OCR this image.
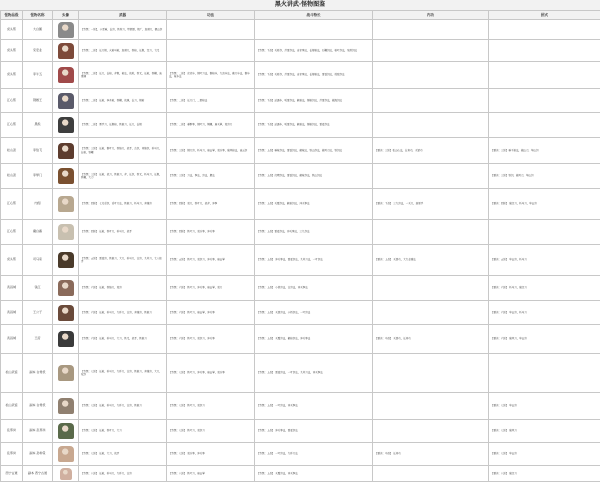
黑火讲武·怪物图鉴
怪物品级	怪物名称	头像	武器	功法	战斗特长	内功	招式
虎头帮	大白鹅		【等级：一阶】，小恶霸，长剑，铁钩刀，带鼠镖，楼厂，加满刀，镇山剑				
虎头帮	宋宏业		【等级：二阶】 长刀棍，火枪马枪，加满刀，铁枪，长棍，宝刀，飞叉		【等级：下品】天骄剑，打雷剑法，自家拳法，长棍枪法，石鞭剑法，枪叶剑法，地煞剑法		
虎头帮	李牛五		【等级：二阶】 长刀，长枪，斧棍，枪法，战标，铁叉，长枪，铁鞭，流星锤	【等级：二阶】 虎虎步，钢叶刀法，钢枪步，九宫步法，截刀步法，钢步法，枪步法	【等级：下品】天骄剑，打雷剑法，自家拳法，长棍枪法，雷霆剑法，抓取剑法		
江心帮	钢骸王		【等级：二阶】 长枪，李木枪，铁鞭，战旗，长刀，棍枪	【等级：二阶】 长刀门，二郎枪法	【等级：下品】运通步，吼雷剑法，截枪法，钢枪剑法，打雷剑法，破海剑法		
江心帮	黑熊		【等级：二阶】 黑手刀，长棍枪，铁链刀，长刀，长棍	【等级：二阶】 春野拳，钢叶刀，铜锤，崩天掌，双剑刀	【等级：下品】运通步，吼雷剑法，截枪法，钢枪剑法，雷霆剑法		
松山派	李伯飞		【等级：三阶】 长枪，钢叶刀，铁链刀，战矛，古剑，青锋剑，斩马刀，长枪，铁鞭	【等级：三阶】 钢刀剑，斩马刀，崩山掌，双头拳，破风枪法，流云剑	【等级：上品】霸枪剑法，雷霆剑法，截枪法，铁山剑法，破风刀法，铁剑法	【要诀：三阶】松山心法，长青功，天罡功	【要诀：三阶】霸王枪法，破山刀，华山剑
松山派	李掌门		【等级：三阶】 长枪，战刀，铁链刀，斧，长剑，铁叉，斩马刀，长棍，铁鞭，大刀	【等级：三阶】 刀法，拳法，剑法，腿法	【等级：上品】虎啸剑法，雷霆剑法，截枪剑法，铁山剑法		【要诀：三阶】铁剑，破风刀，华山剑
江心帮	内阁		【等级：四阶】 七尺重剑，重叶刀法，铁链刀，斩马刀，青锋剑	【等级：四阶】 双刀，铁叶刀，战斧，冲拳	【等级：上品】天鹰剑法，截枪剑法，冲天拳法	【要诀：下品】 三九剑法，一天刀，摘星手	【要诀：四阶】 破空刀，斩马刀，华山剑
江心帮	魔白鹿		【等级：四阶】 长枪，铁叶刀，斩马刀，战矛	【等级：四阶】 铁叶刀，双头拳，冲天拳	【等级：上品】雷霆剑法，冲天拳法，三九剑法		
虎头帮	司马家		【等级：五阶】 雷霆剑，铁链刀，大刀，斩马刀，古剑，九环刀，丈八蛇矛	【等级：五阶】 铁叶刀，双剑刀，冲天拳，崩山掌	【等级：上品】 冲天拳法，雷霆剑法，九环刀法，一叶剑法	【要诀：上品】 天罡功，大力金刚法	【要诀：五阶】 华山剑，斩马刀
武昌城	钱江		【等级：六阶】 长枪，铁链刀，双剑	【等级：六阶】 铁叶刀，冲天拳，崩山掌，双刀	【等级：上品】 小桥剑法，古剑法，冲天拳法		【要诀：六阶】 斩马刀，破空刀
武昌城	王公子		【等级：六阶】 长枪，斩马刀，九环刀，古剑，青锋剑，铁链刀	【等级：六阶】 铁叶刀，崩山掌，冲天拳	【等级：上品】 天罡剑法，小桥剑法，一叶剑法		【要诀：六阶】 华山剑，斩马刀
武昌城	王府		【等级：六阶】 长枪，斩马刀，大刀，铁叉，战矛，铁链刀	【等级：六阶】 铁叶刀，双剑刀，冲天拳	【等级：上品】 天鹰剑法，截枪剑法，冲天拳法	【要诀：中品】 天罡功，长青功	【要诀：六阶】 破风刀，华山剑
松山武馆	副本 白骨妖		【等级：七阶】 长枪，斩马刀，九环刀，古剑，铁链刀，青锋剑，大刀，双剑	【等级：七阶】 铁叶刀，冲天拳，崩山掌，双头拳	【等级：上品】 雷霆剑法，一叶剑法，九环刀法，冲天拳法		
松山武馆	副本 白骨妖		【等级：七阶】 长枪，斩马刀，九环刀，古剑，铁链刀	【等级：七阶】 铁叶刀，双剑刀	【等级：上品】 一叶剑法，冲天拳法		【要诀：七阶】 华山剑
乱葬岗	副本 乱葬岗		【等级：七阶】 长枪，铁叶刀，大刀	【等级：七阶】 铁叶刀，双剑刀	【等级：上品】 冲天拳法，雷霆剑法		【要诀：七阶】 破风刀
乱葬岗	副本 孙仲景		【等级：七阶】 长枪，大刀，战矛	【等级：七阶】 双头拳，冲天拳	【等级：上品】 一叶剑法，九环刀法	【要诀：中品】 长青功	【要诀：七阶】 华山剑
西宁古道	副本 西宁古道		【等级：八阶】 长枪，斩马刀，九环刀，古剑	【等级：八阶】 铁叶刀，崩山掌	【等级：上品】 天鹰剑法，冲天拳法		【要诀：八阶】 破空刀
